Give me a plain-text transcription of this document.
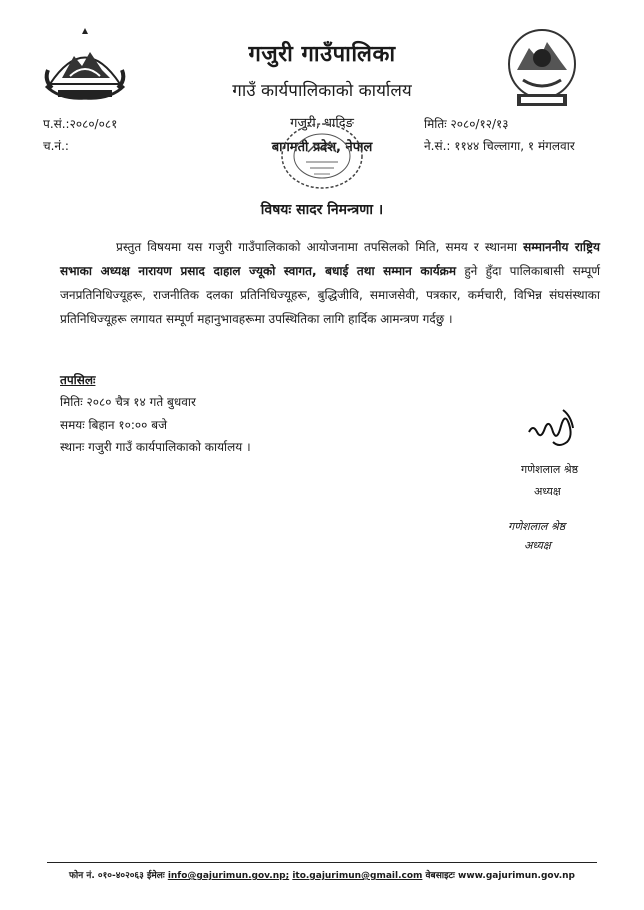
गजुरी गाउँपालिका
गाउँ कार्यपालिकाको कार्यालय
गजुरी, धादिङ
बागमती प्रदेश, नेपाल
प.सं.:२०८०/०८१
च.नं.:
मितिः २०८०/१२/१३
ने.सं.: ११४४ चिल्लागा, १ मंगलवार
विषयः सादर निमन्त्रणा ।
प्रस्तुत विषयमा यस गजुरी गाउँपालिकाको आयोजनामा तपसिलको मिति, समय र स्थानमा सम्माननीय राष्ट्रिय सभाका अध्यक्ष नारायण प्रसाद दाहाल ज्यूको स्वागत, बधाई तथा सम्मान कार्यक्रम हुने हुँदा पालिकाबासी सम्पूर्ण जनप्रतिनिधिज्यूहरू, राजनीतिक दलका प्रतिनिधिज्यूहरू, बुद्धिजीवि, समाजसेवी, पत्रकार, कर्मचारी, विभिन्न संघसंस्थाका प्रतिनिधिज्यूहरू लगायत सम्पूर्ण महानुभावहरूमा उपस्थितिका लागि हार्दिक आमन्त्रण गर्दछु ।
तपसिलः
मितिः २०८० चैत्र १४ गते बुधवार
समयः बिहान १०:०० बजे
स्थानः गजुरी गाउँ कार्यपालिकाको कार्यालय ।
गणेशलाल श्रेष्ठ
अध्यक्ष
गणेशलाल श्रेष्ठ
अध्यक्ष
फोन नं. ०१०-४०२०६३ ईमेलः info@gajurimun.gov.np; ito.gajurimun@gmail.com वेबसाइटः www.gajurimun.gov.np
